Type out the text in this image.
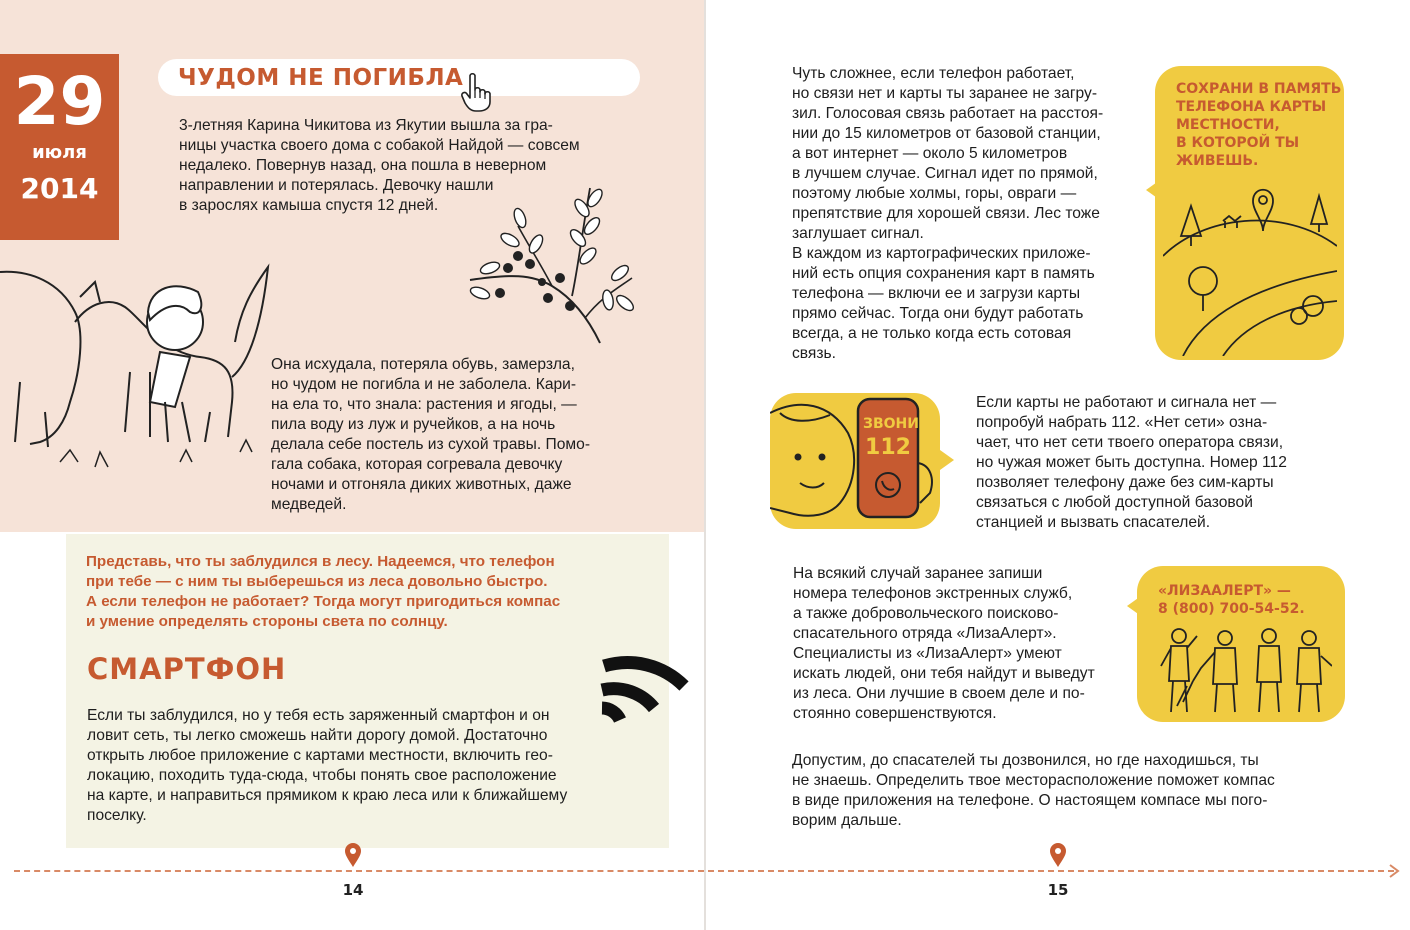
29
июля
2014
ЧУДОМ НЕ ПОГИБЛА
3-летняя Карина Чикитова из Якутии вышла за гра-
ницы участка своего дома с собакой Найдой — совсем
недалеко. Повернув назад, она пошла в неверном
направлении и потерялась. Девочку нашли
в зарослях камыша спустя 12 дней.
Она исхудала, потеряла обувь, замерзла,
но чудом не погибла и не заболела. Кари-
на ела то, что знала: растения и ягоды, —
пила воду из луж и ручейков, а на ночь
делала себе постель из сухой травы. Помо-
гала собака, которая согревала девочку
ночами и отгоняла диких животных, даже
медведей.
Представь, что ты заблудился в лесу. Надеемся, что телефон
при тебе — с ним ты выберешься из леса довольно быстро.
А если телефон не работает? Тогда могут пригодиться компас
и умение определять стороны света по солнцу.
СМАРТФОН
Если ты заблудился, но у тебя есть заряженный смартфон и он
ловит сеть, ты легко сможешь найти дорогу домой. Достаточно
открыть любое приложение с картами местности, включить гео-
локацию, походить туда-сюда, чтобы понять свое расположение
на карте, и направиться прямиком к краю леса или к ближайшему
поселку.
Чуть сложнее, если телефон работает,
но связи нет и карты ты заранее не загру-
зил. Голосовая связь работает на расстоя-
нии до 15 километров от базовой станции,
а вот интернет — около 5 километров
в лучшем случае. Сигнал идет по прямой,
поэтому любые холмы, горы, овраги —
препятствие для хорошей связи. Лес тоже
заглушает сигнал.
В каждом из картографических приложе-
ний есть опция сохранения карт в память
телефона — включи ее и загрузи карты
прямо сейчас. Тогда они будут работать
всегда, а не только когда есть сотовая
связь.
СОХРАНИ В ПАМЯТЬ
ТЕЛЕФОНА КАРТЫ
МЕСТНОСТИ,
В КОТОРОЙ ТЫ
ЖИВЕШЬ.
ЗВОНИ
112
Если карты не работают и сигнала нет —
попробуй набрать 112. «Нет сети» озна-
чает, что нет сети твоего оператора связи,
но чужая может быть доступна. Номер 112
позволяет телефону даже без сим-карты
связаться с любой доступной базовой
станцией и вызвать спасателей.
На всякий случай заранее запиши
номера телефонов экстренных служб,
а также добровольческого поисково-
спасательного отряда «ЛизаАлерт».
Специалисты из «ЛизаАлерт» умеют
искать людей, они тебя найдут и выведут
из леса. Они лучшие в своем деле и по-
стоянно совершенствуются.
«ЛИЗААЛЕРТ» —
8 (800) 700-54-52.
Допустим, до спасателей ты дозвонился, но где находишься, ты
не знаешь. Определить твое месторасположение поможет компас
в виде приложения на телефоне. О настоящем компасе мы пого-
ворим дальше.
14	15
